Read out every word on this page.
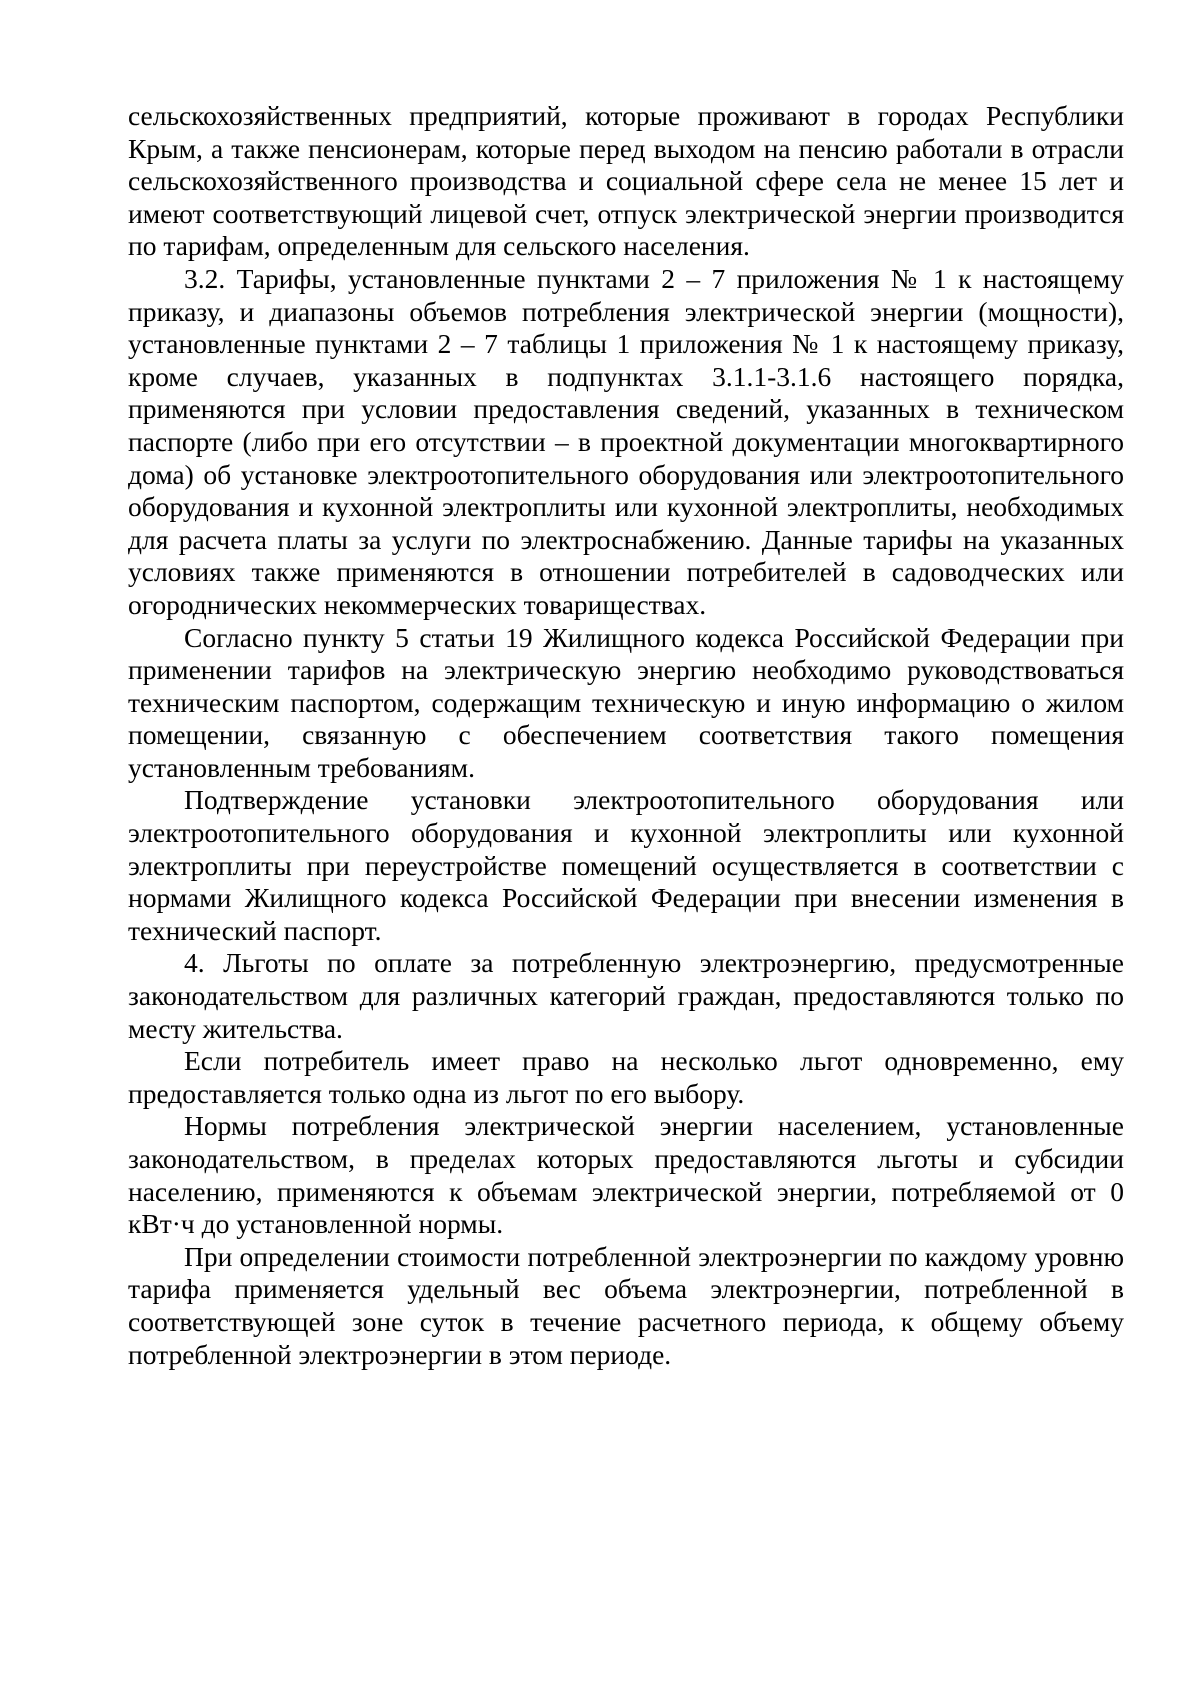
сельскохозяйственных предприятий, которые проживают в городах Республики Крым, а также пенсионерам, которые перед выходом на пенсию работали в отрасли сельскохозяйственного производства и социальной сфере села не менее 15 лет и имеют соответствующий лицевой счет, отпуск электрической энергии производится по тарифам, определенным для сельского населения.

3.2. Тарифы, установленные пунктами 2 – 7 приложения № 1 к настоящему приказу, и диапазоны объемов потребления электрической энергии (мощности), установленные пунктами 2 – 7 таблицы 1 приложения № 1 к настоящему приказу, кроме случаев, указанных в подпунктах 3.1.1-3.1.6 настоящего порядка, применяются при условии предоставления сведений, указанных в техническом паспорте (либо при его отсутствии – в проектной документации многоквартирного дома) об установке электроотопительного оборудования или электроотопительного оборудования и кухонной электроплиты или кухонной электроплиты, необходимых для расчета платы за услуги по электроснабжению. Данные тарифы на указанных условиях также применяются в отношении потребителей в садоводческих или огороднических некоммерческих товариществах.

Согласно пункту 5 статьи 19 Жилищного кодекса Российской Федерации при применении тарифов на электрическую энергию необходимо руководствоваться техническим паспортом, содержащим техническую и иную информацию о жилом помещении, связанную с обеспечением соответствия такого помещения установленным требованиям.

Подтверждение установки электроотопительного оборудования или электроотопительного оборудования и кухонной электроплиты или кухонной электроплиты при переустройстве помещений осуществляется в соответствии с нормами Жилищного кодекса Российской Федерации при внесении изменения в технический паспорт.

4. Льготы по оплате за потребленную электроэнергию, предусмотренные законодательством для различных категорий граждан, предоставляются только по месту жительства.

Если потребитель имеет право на несколько льгот одновременно, ему предоставляется только одна из льгот по его выбору.

Нормы потребления электрической энергии населением, установленные законодательством, в пределах которых предоставляются льготы и субсидии населению, применяются к объемам электрической энергии, потребляемой от 0 кВт·ч до установленной нормы.

При определении стоимости потребленной электроэнергии по каждому уровню тарифа применяется удельный вес объема электроэнергии, потребленной в соответствующей зоне суток в течение расчетного периода, к общему объему потребленной электроэнергии в этом периоде.
